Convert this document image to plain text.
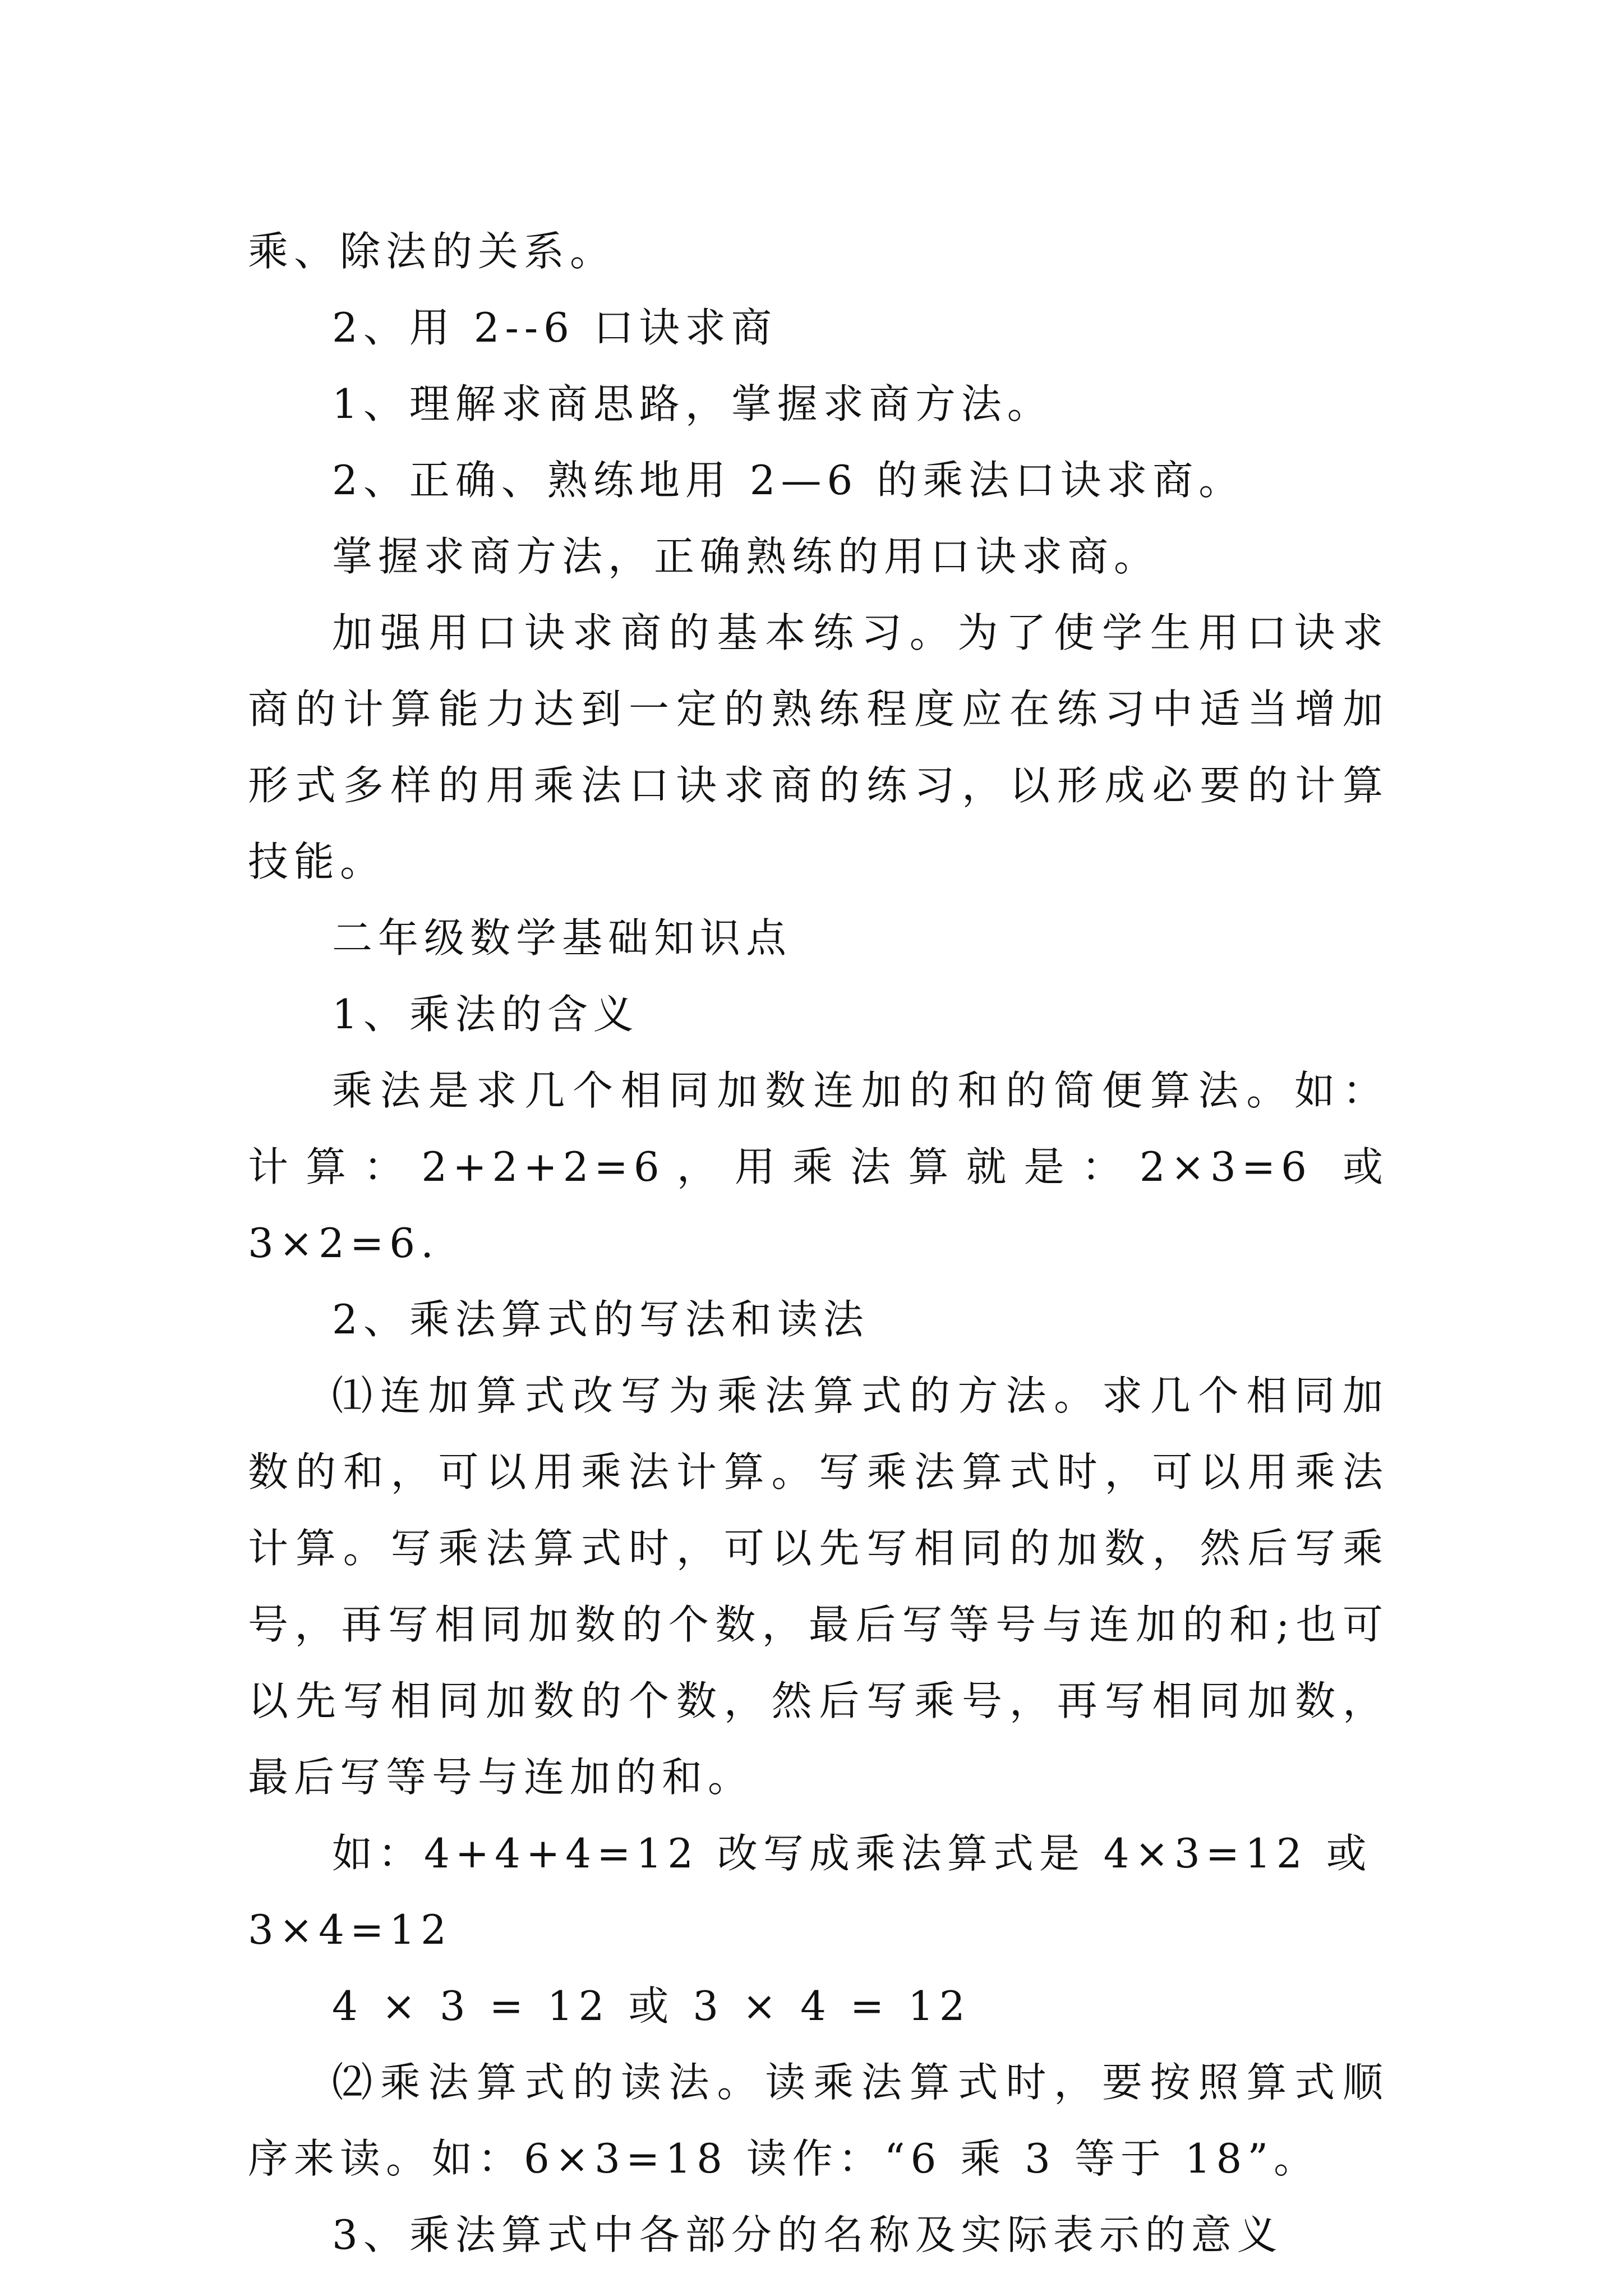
乘、除法的关系。

2、用 2--6 口诀求商

1、理解求商思路，掌握求商方法。

2、正确、熟练地用 2—6 的乘法口诀求商。

掌握求商方法，正确熟练的用口诀求商。

加强用口诀求商的基本练习。为了使学生用口诀求商的计算能力达到一定的熟练程度应在练习中适当增加形式多样的用乘法口诀求商的练习，以形成必要的计算技能。

二年级数学基础知识点

1、乘法的含义

乘法是求几个相同加数连加的和的简便算法。如：计算：2+2+2=6，用乘法算就是：2×3=6 或 3×2=6.

2、乘法算式的写法和读法

⑴连加算式改写为乘法算式的方法。求几个相同加数的和，可以用乘法计算。写乘法算式时，可以用乘法计算。写乘法算式时，可以先写相同的加数，然后写乘号，再写相同加数的个数，最后写等号与连加的和;也可以先写相同加数的个数，然后写乘号，再写相同加数，最后写等号与连加的和。

如：4+4+4=12 改写成乘法算式是 4×3=12 或 3×4=12

4 × 3 = 12 或 3 × 4 = 12

⑵乘法算式的读法。读乘法算式时，要按照算式顺序来读。如：6×3=18 读作：“6 乘 3 等于 18”。

3、乘法算式中各部分的名称及实际表示的意义
